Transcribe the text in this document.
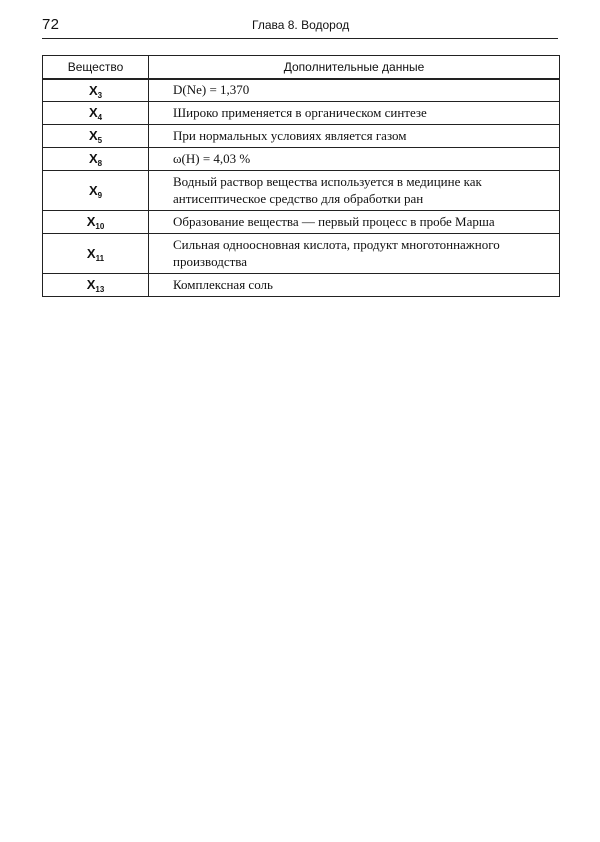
72	Глава 8. Водород
Вещество	Дополнительные данные
$X_3$	D(Ne) = 1,370
$X_4$	Широко применяется в органическом синтезе
$X_5$	При нормальных условиях является газом
$X_8$	ω(H) = 4,03 %
$X_9$	Водный раствор вещества используется в медицине как антисептическое средство для обработки ран
$X_{10}$	Образование вещества — первый процесс в пробе Марша
$X_{11}$	Сильная одноосновная кислота, продукт многотоннажного производства
$X_{13}$	Комплексная соль
